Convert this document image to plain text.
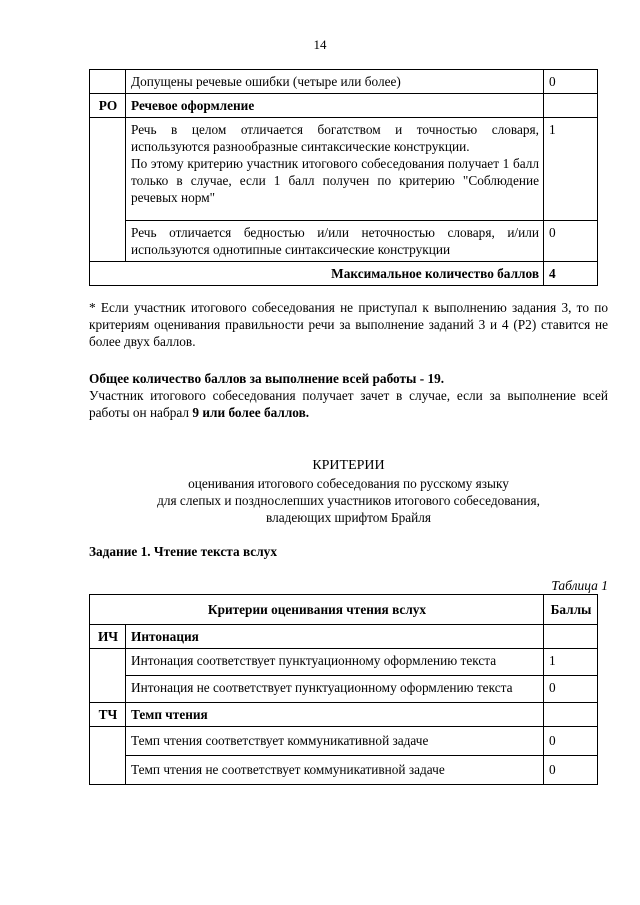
14
	Допущены речевые ошибки (четыре или более)	0
РО	Речевое оформление	

	Речь в целом отличается богатством и точностью словаря, используются разнообразные синтаксические конструкции.
По этому критерию участник итогового собеседования получает 1 балл только в случае, если 1 балл получен по критерию "Соблюдение речевых норм"	1
	Речь отличается бедностью и/или неточностью словаря, и/или используются однотипные синтаксические конструкции	0
Максимальное количество баллов		4

* Если участник итогового собеседования не приступал к выполнению задания 3, то по критериям оценивания правильности речи за выполнение заданий 3 и 4 (Р2) ставится не более двух баллов.

Общее количество баллов за выполнение всей работы - 19.
Участник итогового собеседования получает зачет в случае, если за выполнение всей работы он набрал 9 или более баллов.

КРИТЕРИИ
оценивания итогового собеседования по русскому языку
для слепых и позднослепших участников итогового собеседования,
владеющих шрифтом Брайля

Задание 1. Чтение текста вслух

Таблица 1
Критерии оценивания чтения вслух		Баллы
ИЧ	Интонация	
	Интонация соответствует пунктуационному оформлению текста	1
	Интонация не соответствует пунктуационному оформлению текста	0
ТЧ	Темп чтения	
	Темп чтения соответствует коммуникативной задаче	0
	Темп чтения не соответствует коммуникативной задаче	0
